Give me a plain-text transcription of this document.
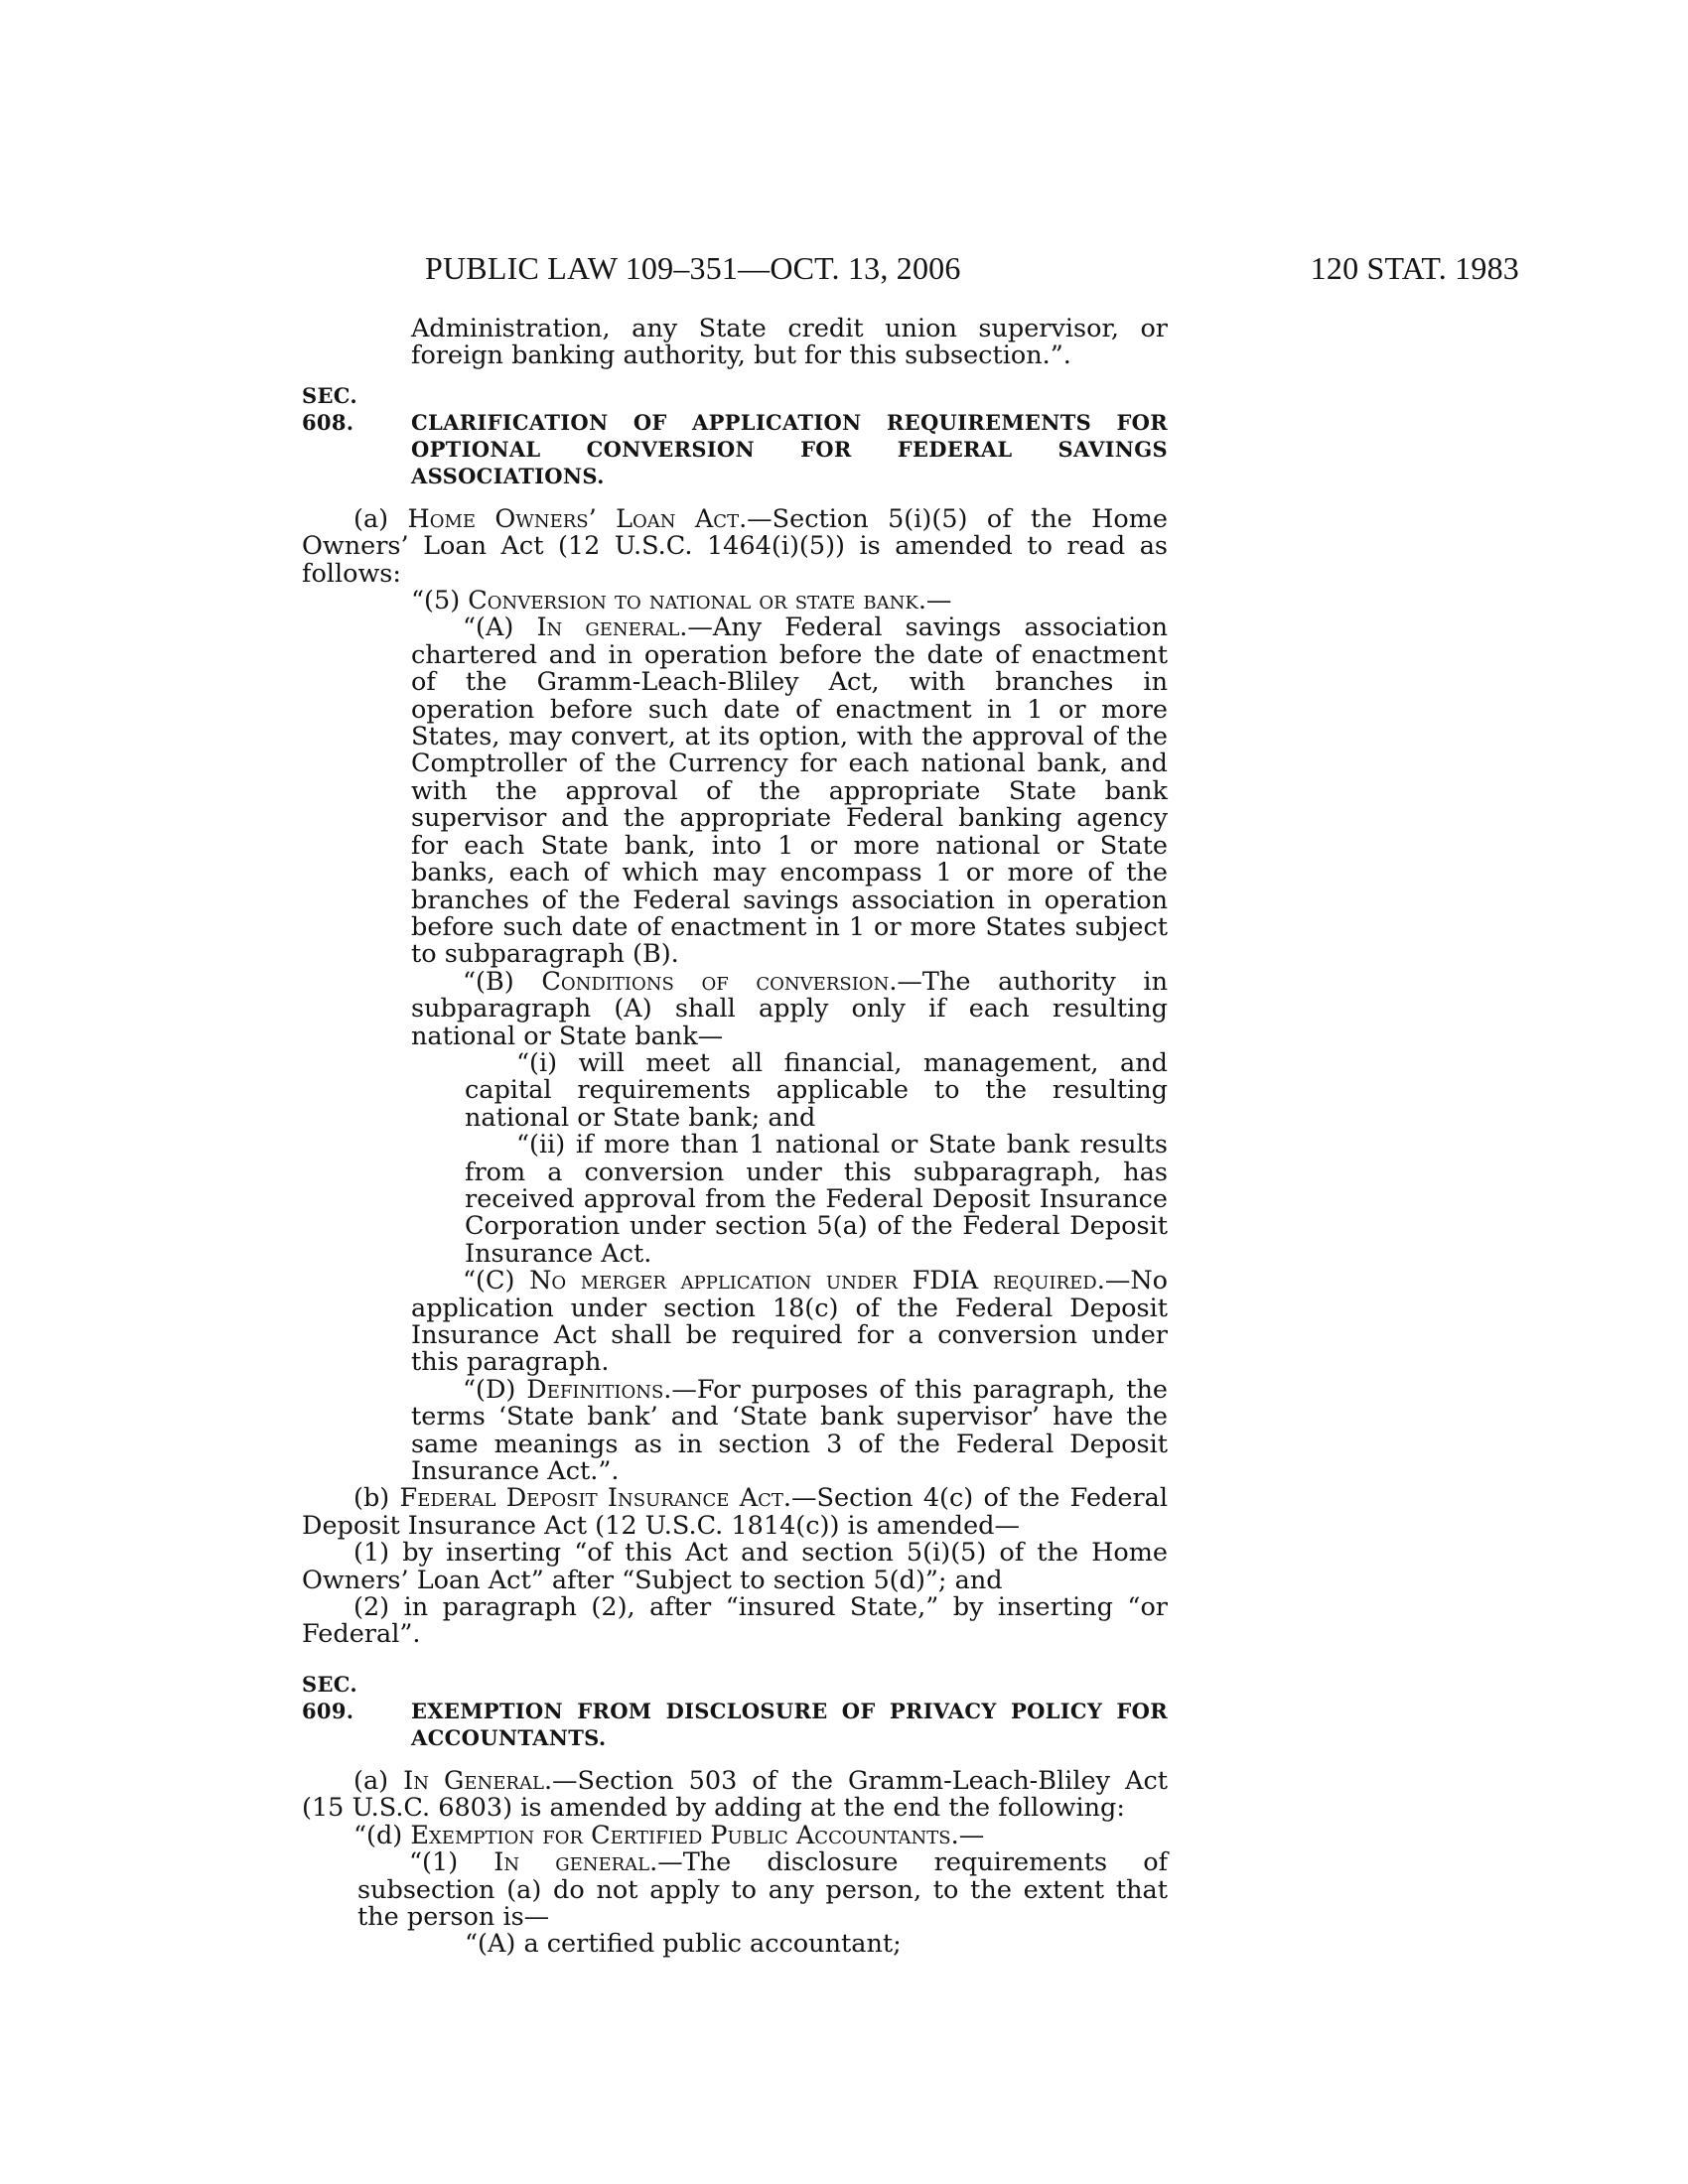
PUBLIC LAW 109–351—OCT. 13, 2006	120 STAT. 1983

Administration, any State credit union supervisor, or foreign banking authority, but for this subsection.”.

SEC. 608.	CLARIFICATION OF APPLICATION REQUIREMENTS FOR OPTIONAL CONVERSION FOR FEDERAL SAVINGS ASSOCIATIONS.

(a) Home Owners’ Loan Act.—Section 5(i)(5) of the Home Owners’ Loan Act (12 U.S.C. 1464(i)(5)) is amended to read as follows:

“(5) Conversion to national or state bank.—

“(A) In general.—Any Federal savings association chartered and in operation before the date of enactment of the Gramm-Leach-Bliley Act, with branches in operation before such date of enactment in 1 or more States, may convert, at its option, with the approval of the Comptroller of the Currency for each national bank, and with the approval of the appropriate State bank supervisor and the appropriate Federal banking agency for each State bank, into 1 or more national or State banks, each of which may encompass 1 or more of the branches of the Federal savings association in operation before such date of enactment in 1 or more States subject to subparagraph (B).

“(B) Conditions of conversion.—The authority in subparagraph (A) shall apply only if each resulting national or State bank—

“(i) will meet all financial, management, and capital requirements applicable to the resulting national or State bank; and

“(ii) if more than 1 national or State bank results from a conversion under this subparagraph, has received approval from the Federal Deposit Insurance Corporation under section 5(a) of the Federal Deposit Insurance Act.

“(C) No merger application under FDIA required.—No application under section 18(c) of the Federal Deposit Insurance Act shall be required for a conversion under this paragraph.

“(D) Definitions.—For purposes of this paragraph, the terms ‘State bank’ and ‘State bank supervisor’ have the same meanings as in section 3 of the Federal Deposit Insurance Act.”.

(b) Federal Deposit Insurance Act.—Section 4(c) of the Federal Deposit Insurance Act (12 U.S.C. 1814(c)) is amended—

(1) by inserting “of this Act and section 5(i)(5) of the Home Owners’ Loan Act” after “Subject to section 5(d)”; and

(2) in paragraph (2), after “insured State,” by inserting “or Federal”.

SEC. 609.	EXEMPTION FROM DISCLOSURE OF PRIVACY POLICY FOR ACCOUNTANTS.

(a) In General.—Section 503 of the Gramm-Leach-Bliley Act (15 U.S.C. 6803) is amended by adding at the end the following:

“(d) Exemption for Certified Public Accountants.—

“(1) In general.—The disclosure requirements of subsection (a) do not apply to any person, to the extent that the person is—

“(A) a certified public accountant;
